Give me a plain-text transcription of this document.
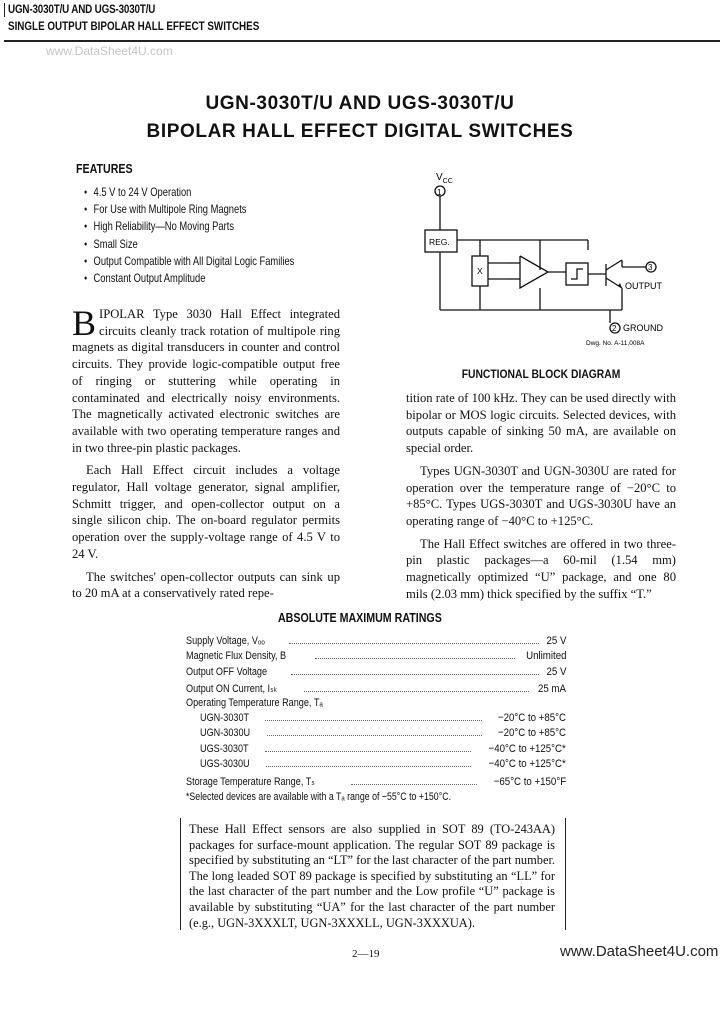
UGN-3030T/U AND UGS-3030T/U
SINGLE OUTPUT BIPOLAR HALL EFFECT SWITCHES
www.DataSheet4U.com
UGN-3030T/U AND UGS-3030T/U
BIPOLAR HALL EFFECT DIGITAL SWITCHES
FEATURES
● 4.5 V to 24 V Operation
● For Use with Multipole Ring Magnets
● High Reliability—No Moving Parts
● Small Size
● Output Compatible with All Digital Logic Families
● Constant Output Amplitude
$V_{CC}$
1
REG.
X	3
OUTPUT
2 GROUND
Dwg. No. A-11,008A
FUNCTIONAL BLOCK DIAGRAM

BIPOLAR Type 3030 Hall Effect integrated circuits cleanly track rotation of multipole ring magnets as digital transducers in counter and control circuits. They provide logic-compatible output free of ringing or stuttering while operating in contaminated and electrically noisy environments. The magnetically activated electronic switches are available with two operating temperature ranges and in two three-pin plastic packages.

Each Hall Effect circuit includes a voltage regulator, Hall voltage generator, signal amplifier, Schmitt trigger, and open-collector output on a single silicon chip. The on-board regulator permits operation over the supply-voltage range of 4.5 V to 24 V.

The switches' open-collector outputs can sink up to 20 mA at a conservatively rated repe-

tition rate of 100 kHz. They can be used directly with bipolar or MOS logic circuits. Selected devices, with outputs capable of sinking 50 mA, are available on special order.

Types UGN-3030T and UGN-3030U are rated for operation over the temperature range of −20°C to +85°C. Types UGS-3030T and UGS-3030U have an operating range of −40°C to +125°C.

The Hall Effect switches are offered in two three-pin plastic packages—a 60-mil (1.54 mm) magnetically optimized “U” package, and one 80 mils (2.03 mm) thick specified by the suffix “T.”

ABSOLUTE MAXIMUM RATINGS
Supply Voltage, Vₒₒ	25 V
Magnetic Flux Density, B	Unlimited
Output OFF Voltage	25 V
Output ON Current, Iₛₖ	25 mA
Operating Temperature Range, Tₐ
UGN-3030T	−20°C to +85°C
UGN-3030U	−20°C to +85°C
UGS-3030T	−40°C to +125°C*
UGS-3030U	−40°C to +125°C*
Storage Temperature Range, Tₛ	−65°C to +150°F
*Selected devices are available with a Tₐ range of −55°C to +150°C.
These Hall Effect sensors are also supplied in SOT 89 (TO-243AA) packages for surface-mount application. The regular SOT 89 package is specified by substituting an “LT” for the last character of the part number. The long leaded SOT 89 package is specified by substituting an “LL” for the last character of the part number and the Low profile “U” package is available by substituting “UA” for the last character of the part number (e.g., UGN-3XXXLT, UGN-3XXXLL, UGN-3XXXUA).
2—19	www.DataSheet4U.com
